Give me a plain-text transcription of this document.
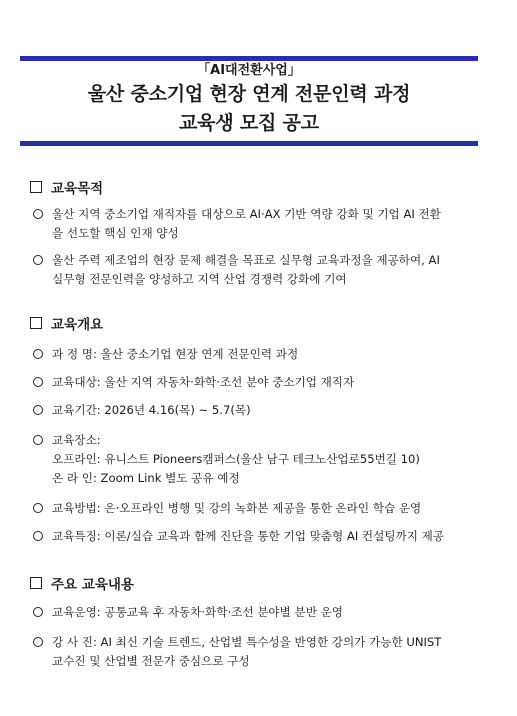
「AI대전환사업」
울산 중소기업 현장 연계 전문인력 과정
교육생 모집 공고
교육목적
울산 지역 중소기업 재직자를 대상으로 AI·AX 기반 역량 강화 및 기업 AI 전환
을 선도할 핵심 인재 양성
울산 주력 제조업의 현장 문제 해결을 목표로 실무형 교육과정을 제공하여, AI
실무형 전문인력을 양성하고 지역 산업 경쟁력 강화에 기여
교육개요
과 정 명: 울산 중소기업 현장 연계 전문인력 과정
교육대상: 울산 지역 자동차·화학·조선 분야 중소기업 재직자
교육기간: 2026년 4.16(목) ~ 5.7(목)
교육장소:
오프라인: 유니스트 Pioneers캠퍼스(울산 남구 테크노산업로55번길 10)
온 라 인: Zoom Link 별도 공유 예정
교육방법: 온·오프라인 병행 및 강의 녹화본 제공을 통한 온라인 학습 운영
교육특징: 이론/실습 교육과 함께 진단을 통한 기업 맞춤형 AI 컨설팅까지 제공
주요 교육내용
교육운영: 공통교육 후 자동차·화학·조선 분야별 분반 운영
강 사 진: AI 최신 기술 트렌드, 산업별 특수성을 반영한 강의가 가능한 UNIST
교수진 및 산업별 전문가 중심으로 구성
